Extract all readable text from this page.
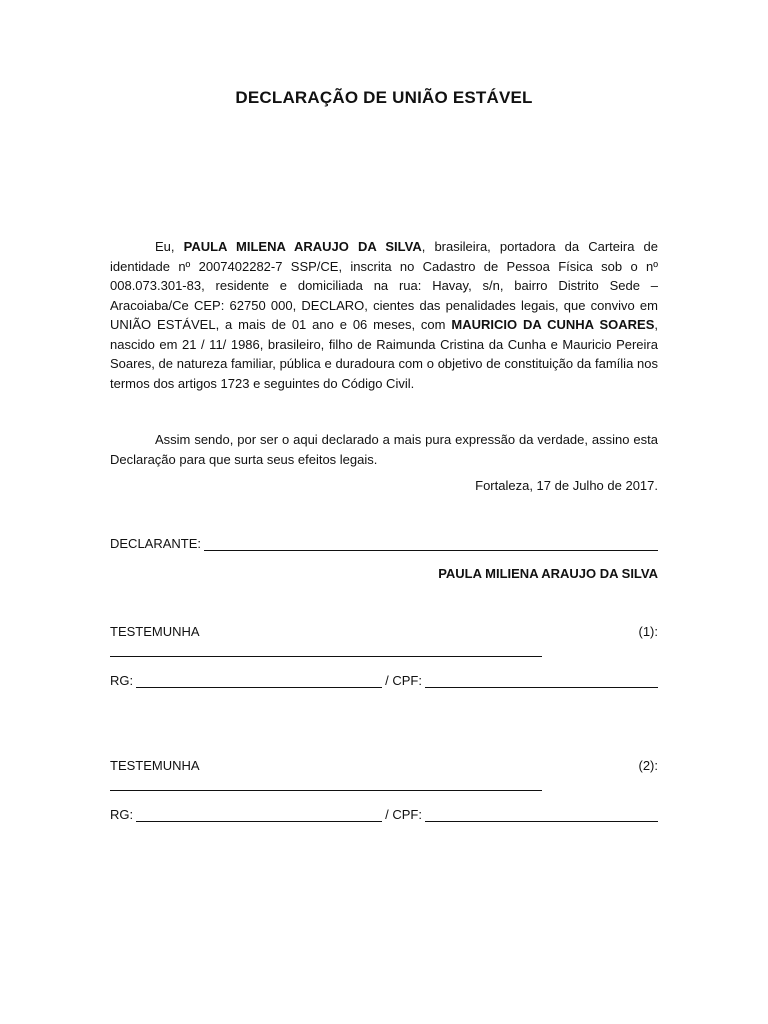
DECLARAÇÃO DE UNIÃO ESTÁVEL
Eu, PAULA MILENA ARAUJO DA SILVA, brasileira, portadora da Carteira de identidade nº 2007402282-7 SSP/CE, inscrita no Cadastro de Pessoa Física sob o nº 008.073.301-83, residente e domiciliada na rua: Havay, s/n, bairro Distrito Sede – Aracoiaba/Ce CEP: 62750 000, DECLARO, cientes das penalidades legais, que convivo em UNIÃO ESTÁVEL, a mais de 01 ano e 06 meses, com MAURICIO DA CUNHA SOARES, nascido em 21 / 11/ 1986, brasileiro, filho de Raimunda Cristina da Cunha e Mauricio Pereira Soares, de natureza familiar, pública e duradoura com o objetivo de constituição da família nos termos dos artigos 1723 e seguintes do Código Civil.
Assim sendo, por ser o aqui declarado a mais pura expressão da verdade, assino esta Declaração para que surta seus efeitos legais.
Fortaleza, 17 de Julho de 2017.
DECLARANTE:
PAULA MILIENA ARAUJO DA SILVA
TESTEMUNHA	(1):
RG:	/ CPF:
TESTEMUNHA	(2):
RG:	/ CPF:
